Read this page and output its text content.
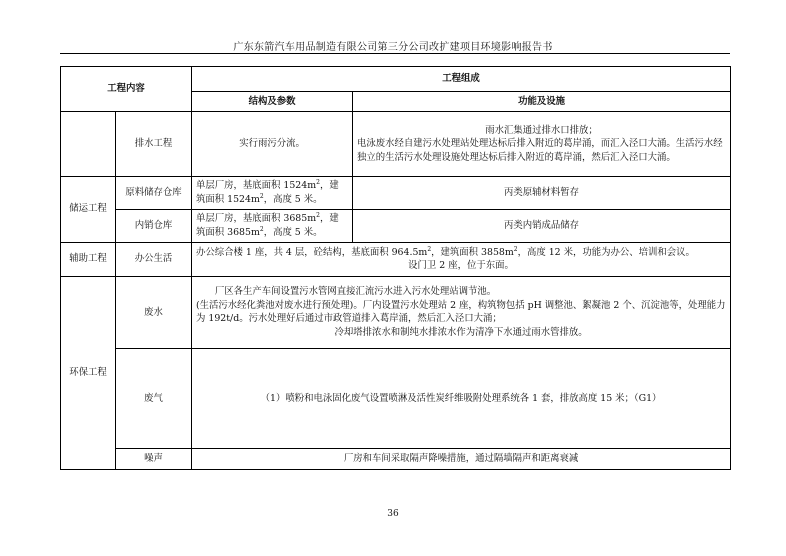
广东东箭汽车用品制造有限公司第三分公司改扩建项目环境影响报告书
工程内容		工程组成	
		结构及参数	功能及设施
	排水工程	实行雨污分流。	雨水汇集通过排水口排放；
电泳废水经自建污水处理站处理达标后排入附近的葛岸涌，而汇入泾口大涌。生活污水经独立的生活污水处理设施处理达标后排入附近的葛岸涌，然后汇入泾口大涌。

储运工程	原料储存仓库	单层厂房，基底面积 $1524m^2$，建筑面积 $1524m^2$，高度 5 米。	丙类原辅材料暂存
	内销仓库	单层厂房，基底面积 $3685m^2$，建筑面积 $3685m^2$，高度 5 米。	丙类内销成品储存
辅助工程	办公生活	办公综合楼 1 座，共 4 层，砼结构，基底面积 $964.5m^2$，建筑面积 $3858m^2$，高度 12 米，功能为办公、培训和会议。
设门卫 2 座，位于东面。	

环保工程	废水	厂区各生产车间设置污水管网直接汇流污水进入污水处理站调节池。
(生活污水经化粪池对废水进行预处理)。厂内设置污水处理站 2 座，构筑物包括 pH 调整池、絮凝池 2 个、沉淀池等，处理能力为 192t/d。污水处理好后通过市政管道排入葛岸涌，然后汇入泾口大涌；
冷却塔排浓水和制纯水排浓水作为清净下水通过雨水管排放。	

	废气	（1）喷粉和电泳固化废气设置喷淋及活性炭纤维吸附处理系统各 1 套，排放高度 15 米；（G1）	
	噪声	厂房和车间采取隔声降噪措施，通过隔墙隔声和距离衰减	
36
